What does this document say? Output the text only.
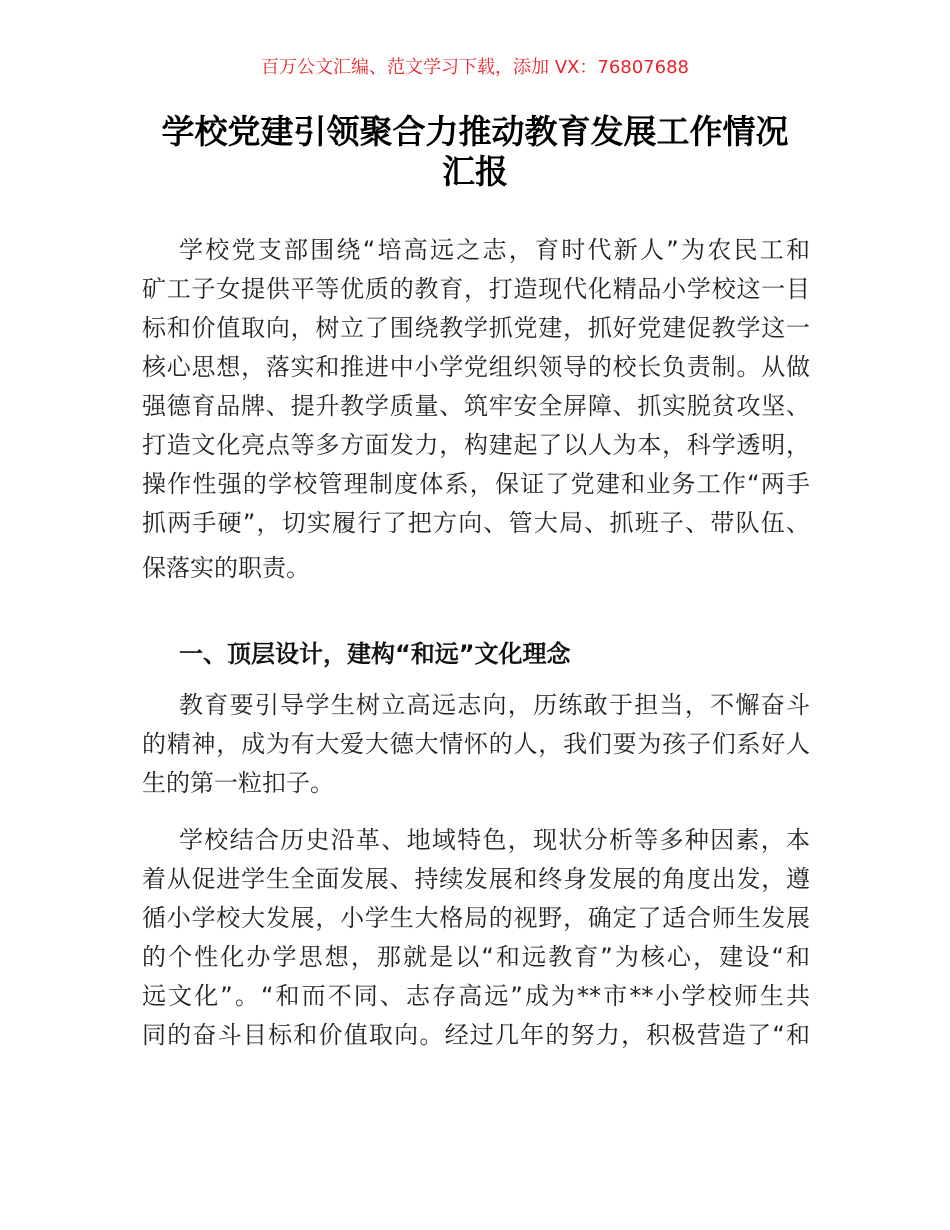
百万公文汇编、范文学习下载，添加 VX：76807688
学校党建引领聚合力推动教育发展工作情况
汇报
学校党支部围绕“培高远之志，育时代新人”为农民工和
矿工子女提供平等优质的教育，打造现代化精品小学校这一目
标和价值取向，树立了围绕教学抓党建，抓好党建促教学这一
核心思想，落实和推进中小学党组织领导的校长负责制。从做
强德育品牌、提升教学质量、筑牢安全屏障、抓实脱贫攻坚、
打造文化亮点等多方面发力，构建起了以人为本，科学透明，
操作性强的学校管理制度体系，保证了党建和业务工作“两手
抓两手硬”，切实履行了把方向、管大局、抓班子、带队伍、
保落实的职责。
一、顶层设计，建构“和远”文化理念
教育要引导学生树立高远志向，历练敢于担当，不懈奋斗
的精神，成为有大爱大德大情怀的人，我们要为孩子们系好人
生的第一粒扣子。
学校结合历史沿革、地域特色，现状分析等多种因素，本
着从促进学生全面发展、持续发展和终身发展的角度出发，遵
循小学校大发展，小学生大格局的视野，确定了适合师生发展
的个性化办学思想，那就是以“和远教育”为核心，建设“和
远文化”。“和而不同、志存高远”成为**市**小学校师生共
同的奋斗目标和价值取向。经过几年的努力，积极营造了“和
